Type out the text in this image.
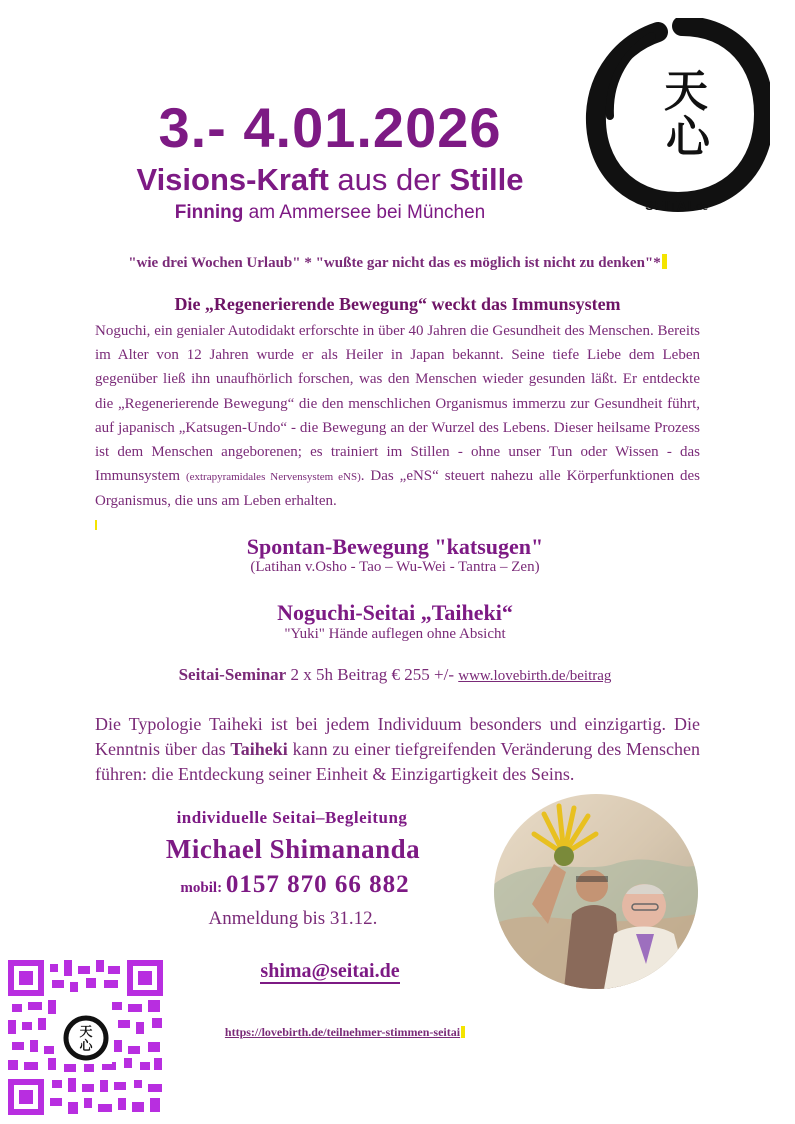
3.- 4.01.2026
Visions-Kraft aus der Stille
Finning am Ammersee bei München
天
心
SEITAI .de
"wie drei Wochen Urlaub" * "wußte gar nicht das es möglich ist nicht zu denken"*
Die „Regenerierende Bewegung“ weckt das Immunsystem
Noguchi, ein genialer Autodidakt erforschte in über 40 Jahren die Gesundheit des Menschen. Bereits im Alter von 12 Jahren wurde er als Heiler in Japan bekannt. Seine tiefe Liebe dem Leben gegenüber ließ ihn unaufhörlich forschen, was den Menschen wieder gesunden läßt. Er entdeckte die „Regenerierende Bewegung“ die den menschlichen Organismus immerzu zur Gesundheit führt, auf japanisch „Katsugen-Undo“ - die Bewegung an der Wurzel des Lebens. Dieser heilsame Prozess ist dem Menschen angeborenen; es trainiert im Stillen - ohne unser Tun oder Wissen - das Immunsystem (extrapyramidales Nervensystem eNS). Das „eNS“ steuert nahezu alle Körperfunktionen des Organismus, die uns am Leben erhalten.
Spontan-Bewegung "katsugen"
(Latihan v.Osho - Tao – Wu-Wei - Tantra – Zen)
Noguchi-Seitai „Taiheki“
"Yuki" Hände auflegen ohne Absicht
Seitai-Seminar 2 x 5h Beitrag € 255 +/- www.lovebirth.de/beitrag
Die Typologie Taiheki ist bei jedem Individuum besonders und einzigartig. Die Kenntnis über das Taiheki kann zu einer tiefgreifenden Veränderung des Menschen führen: die Entdeckung seiner Einheit & Einzigartigkeit des Seins.
individuelle Seitai–Begleitung
Michael Shimananda
mobil: 0157 870 66 882
Anmeldung bis 31.12.
shima@seitai.de
https://lovebirth.de/teilnehmer-stimmen-seitai
天
心
